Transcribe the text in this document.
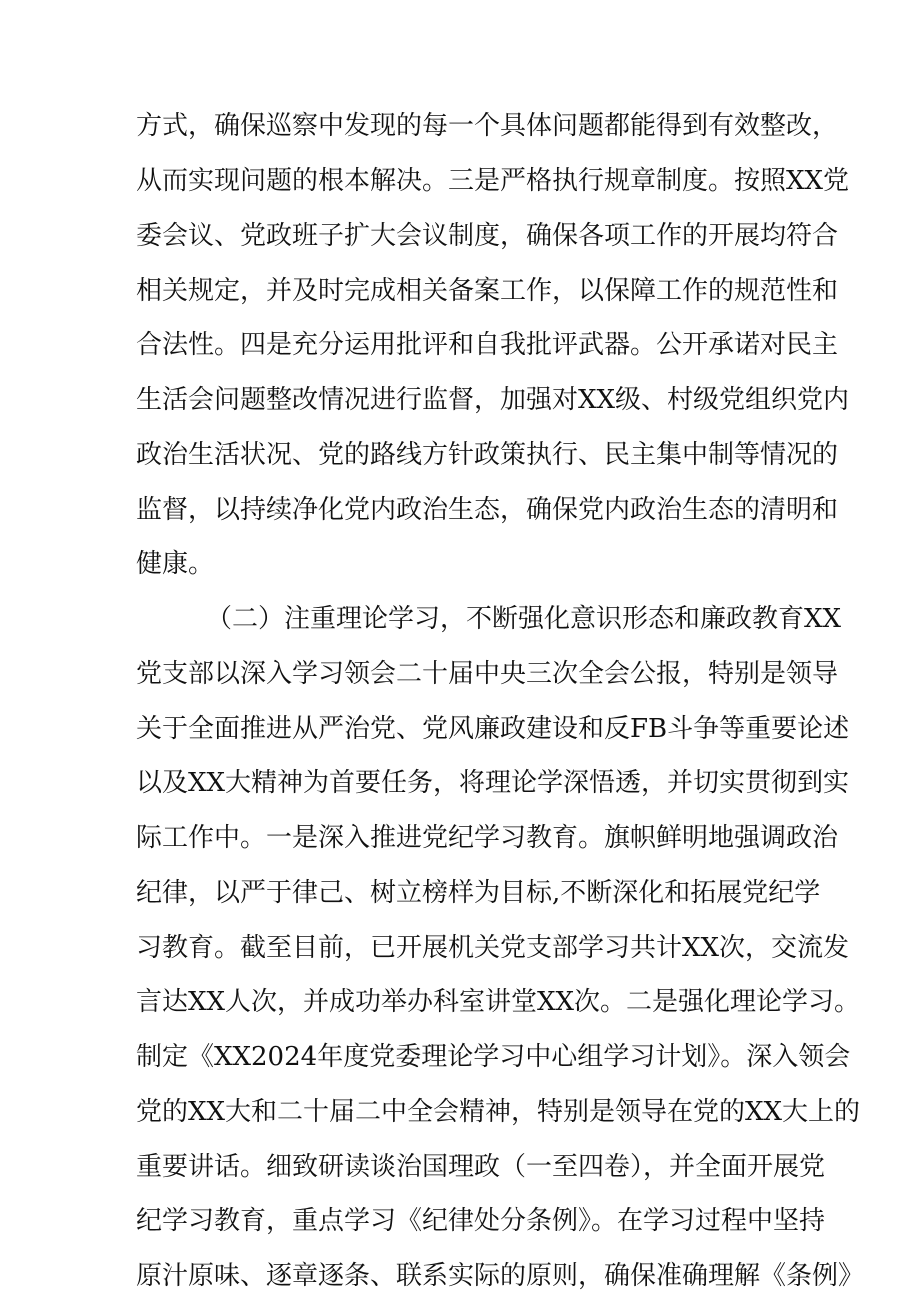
方式，确保巡察中发现的每一个具体问题都能得到有效整改，
从而实现问题的根本解决。三是严格执行规章制度。按照XX党
委会议、党政班子扩大会议制度，确保各项工作的开展均符合
相关规定，并及时完成相关备案工作，以保障工作的规范性和
合法性。四是充分运用批评和自我批评武器。公开承诺对民主
生活会问题整改情况进行监督，加强对XX级、村级党组织党内
政治生活状况、党的路线方针政策执行、民主集中制等情况的
监督，以持续净化党内政治生态，确保党内政治生态的清明和
健康。
（二）注重理论学习，不断强化意识形态和廉政教育XX
党支部以深入学习领会二十届中央三次全会公报，特别是领导
关于全面推进从严治党、党风廉政建设和反FB斗争等重要论述
以及XX大精神为首要任务，将理论学深悟透，并切实贯彻到实
际工作中。一是深入推进党纪学习教育。旗帜鲜明地强调政治
纪律，以严于律己、树立榜样为目标,不断深化和拓展党纪学
习教育。截至目前，已开展机关党支部学习共计XX次，交流发
言达XX人次，并成功举办科室讲堂XX次。二是强化理论学习。
制定《XX2024年度党委理论学习中心组学习计划》。深入领会
党的XX大和二十届二中全会精神，特别是领导在党的XX大上的
重要讲话。细致研读谈治国理政（一至四卷），并全面开展党
纪学习教育，重点学习《纪律处分条例》。在学习过程中坚持
原汁原味、逐章逐条、联系实际的原则，确保准确理解《条例》
